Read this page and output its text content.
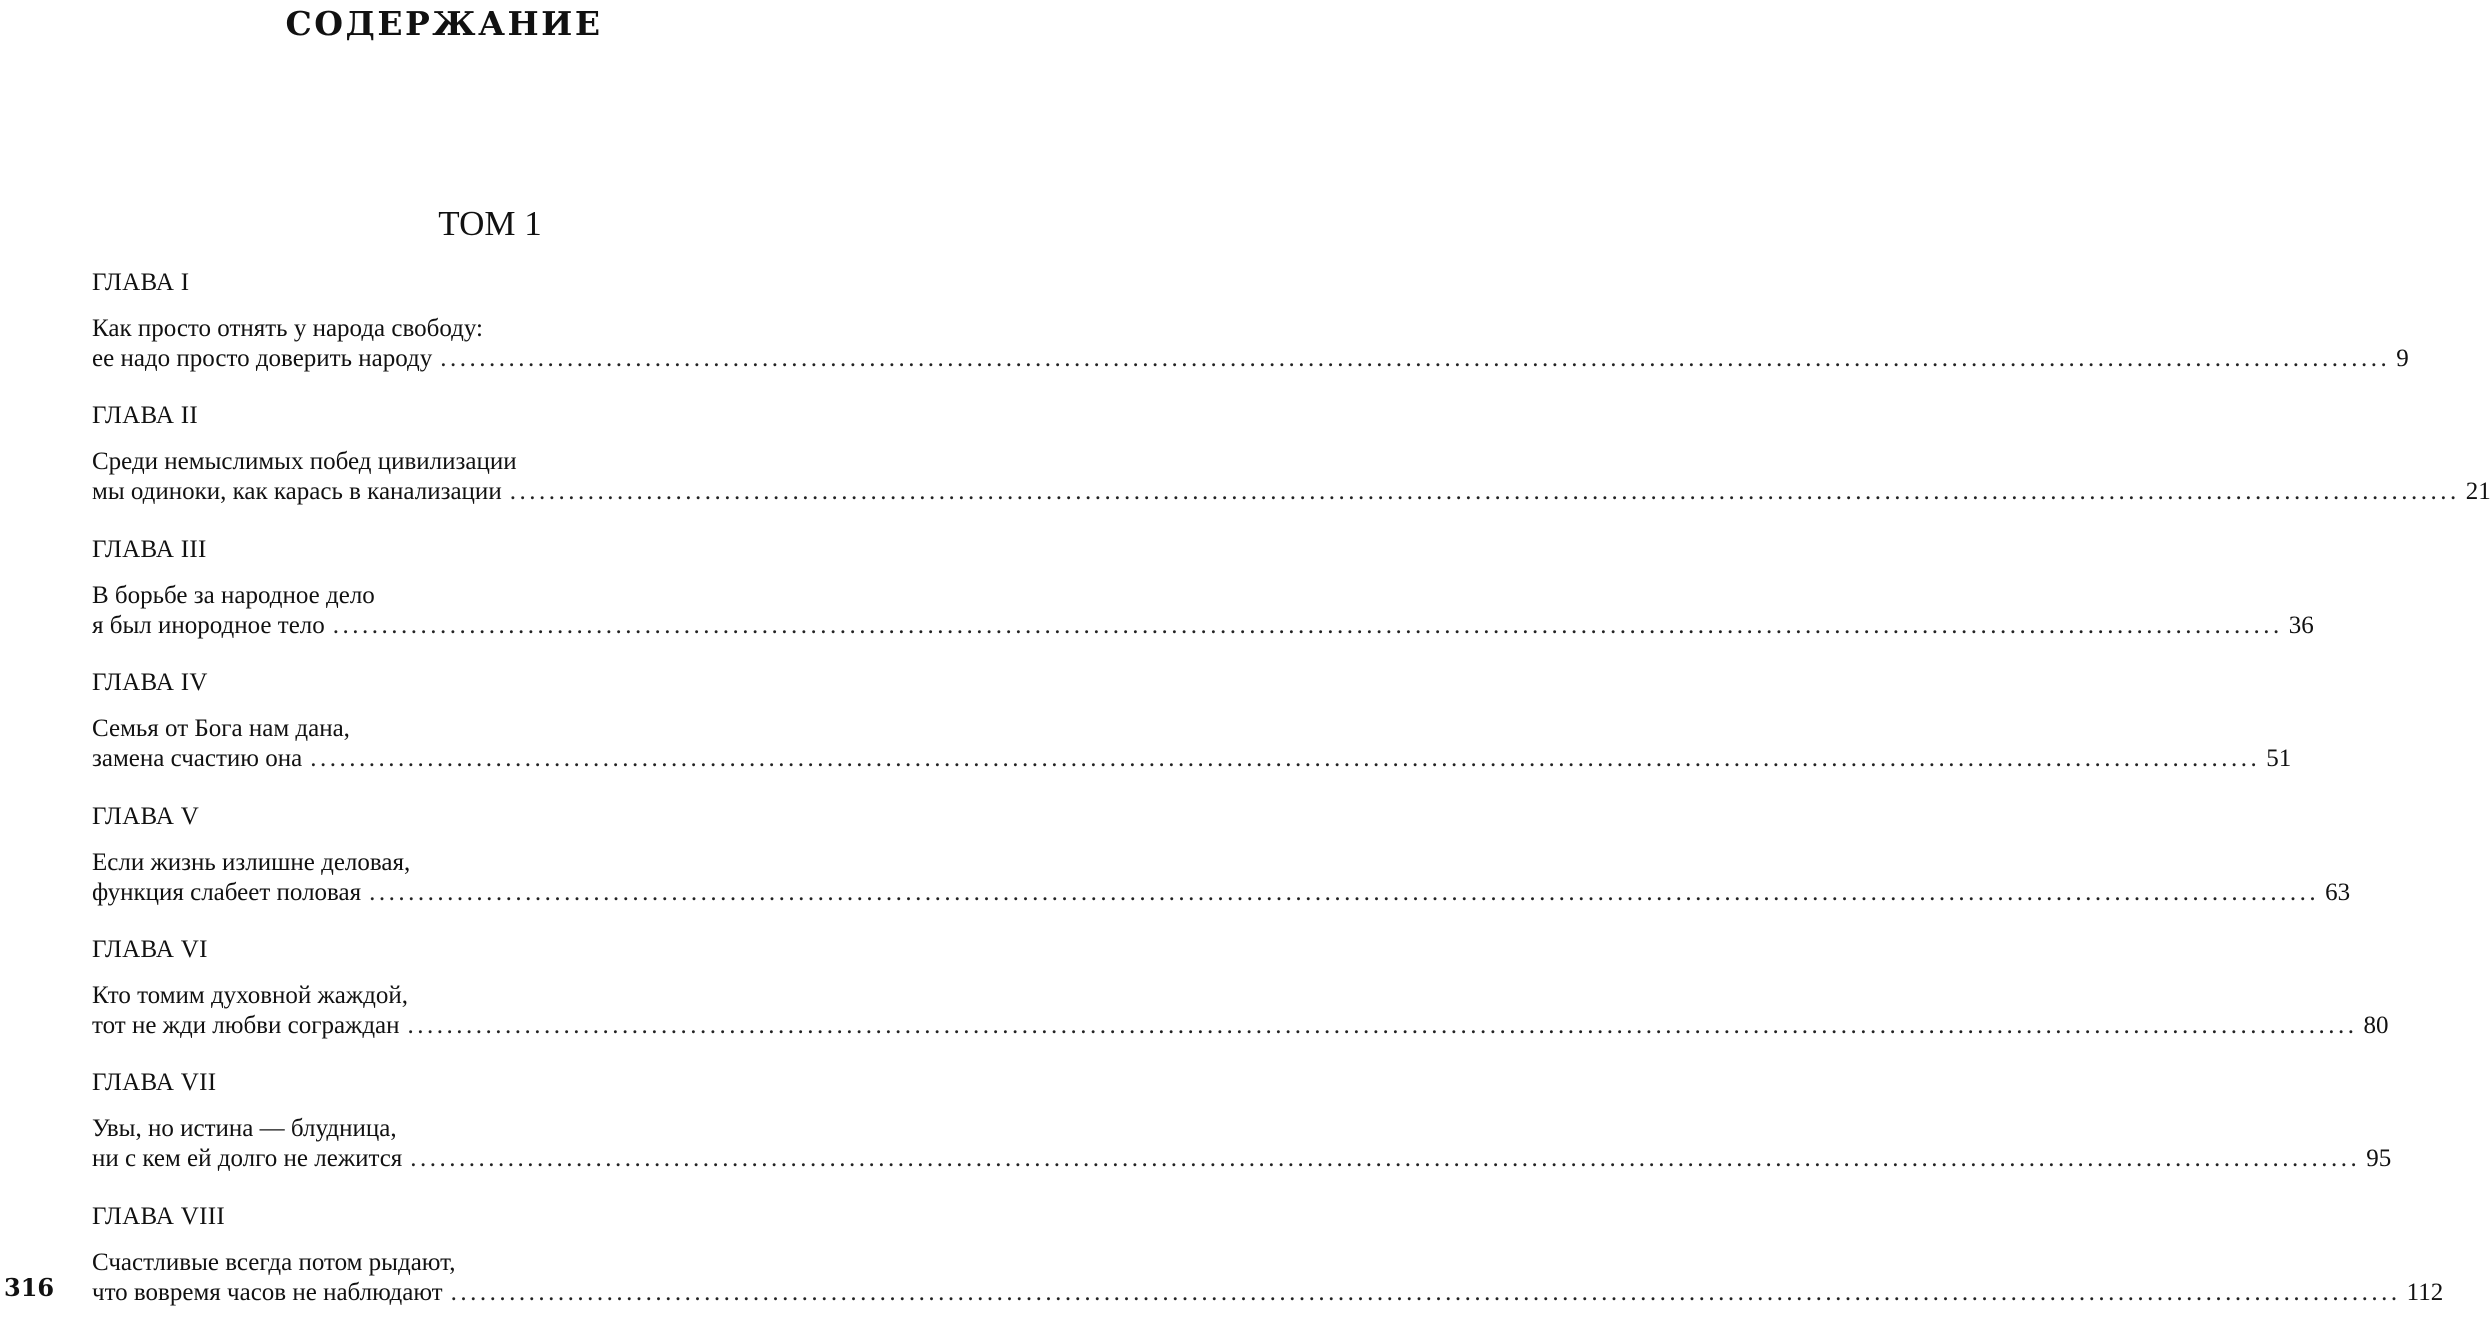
СОДЕРЖАНИЕ
ТОМ 1
ГЛАВА I
Как просто отнять у народа свободу:
ее надо просто доверить народу ........................................................................................................................................................................................................ 9
ГЛАВА II
Среди немыслимых побед цивилизации
мы одиноки, как карась в канализации ........................................................................................................................................................................................................ 21
ГЛАВА III
В борьбе за народное дело
я был инородное тело ........................................................................................................................................................................................................ 36
ГЛАВА IV
Семья от Бога нам дана,
замена счастию она ........................................................................................................................................................................................................ 51
ГЛАВА V
Если жизнь излишне деловая,
функция слабеет половая ........................................................................................................................................................................................................ 63
ГЛАВА VI
Кто томим духовной жаждой,
тот не жди любви сограждан ........................................................................................................................................................................................................ 80
ГЛАВА VII
Увы, но истина — блудница,
ни с кем ей долго не лежится ........................................................................................................................................................................................................ 95
ГЛАВА VIII
Счастливые всегда потом рыдают,
что вовремя часов не наблюдают ........................................................................................................................................................................................................ 112
316
